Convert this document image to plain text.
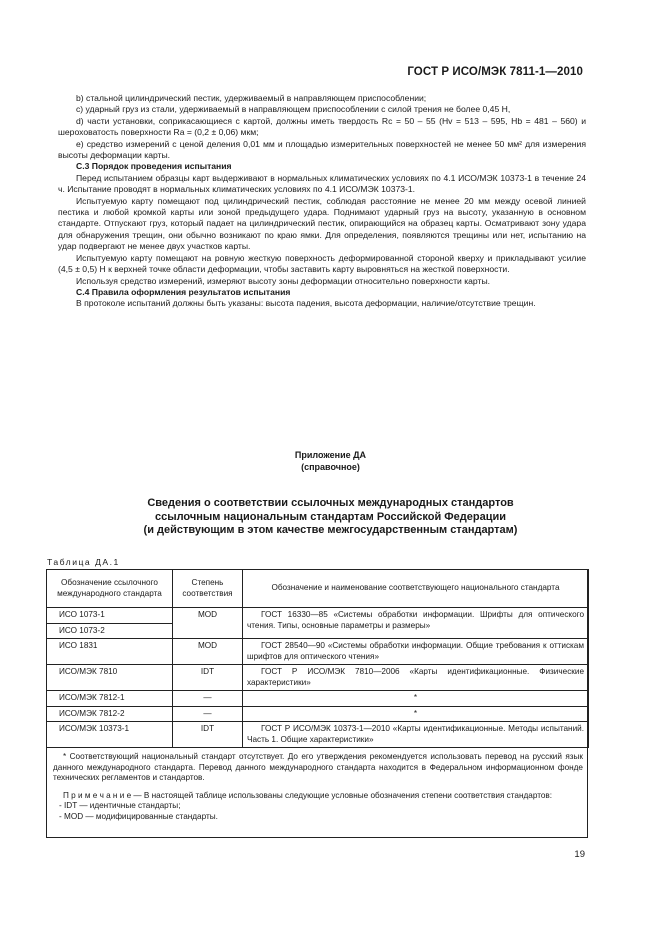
ГОСТ Р ИСО/МЭК 7811-1—2010

b) стальной цилиндрический пестик, удерживаемый в направляющем приспособлении;

c) ударный груз из стали, удерживаемый в направляющем приспособлении с силой трения не более 0,45 Н,

d) части установки, соприкасающиеся с картой, должны иметь твердость Rc = 50 – 55 (Hv = 513 – 595, Hb = 481 – 560) и шероховатость поверхности Ra = (0,2 ± 0,06) мкм;

e) средство измерений с ценой деления 0,01 мм и площадью измерительных поверхностей не менее 50 мм² для измерения высоты деформации карты.

С.3 Порядок проведения испытания

Перед испытанием образцы карт выдерживают в нормальных климатических условиях по 4.1 ИСО/МЭК 10373-1 в течение 24 ч. Испытание проводят в нормальных климатических условиях по 4.1 ИСО/МЭК 10373-1.

Испытуемую карту помещают под цилиндрический пестик, соблюдая расстояние не менее 20 мм между осевой линией пестика и любой кромкой карты или зоной предыдущего удара. Поднимают ударный груз на высоту, указанную в основном стандарте. Отпускают груз, который падает на цилиндрический пестик, опирающийся на образец карты. Осматривают зону удара для обнаружения трещин, они обычно возникают по краю ямки. Для определения, появляются трещины или нет, испытанию на удар подвергают не менее двух участков карты.

Испытуемую карту помещают на ровную жесткую поверхность деформированной стороной кверху и прикладывают усилие (4,5 ± 0,5) Н к верхней точке области деформации, чтобы заставить карту выровняться на жесткой поверхности.

Используя средство измерений, измеряют высоту зоны деформации относительно поверхности карты.

С.4 Правила оформления результатов испытания

В протоколе испытаний должны быть указаны: высота падения, высота деформации, наличие/отсутствие трещин.

Приложение ДА
(справочное)
Сведения о соответствии ссылочных международных стандартов
ссылочным национальным стандартам Российской Федерации
(и действующим в этом качестве межгосударственным стандартам)
Таблица ДА.1
Обозначение ссылочного международного стандарта	Степень соответствия	Обозначение и наименование соответствующего национального стандарта
ИСО 1073-1	MOD	ГОСТ 16330—85 «Системы обработки информации. Шрифты для оптического чтения. Типы, основные параметры и размеры»
ИСО 1073-2		
ИСО 1831	MOD	ГОСТ 28540—90 «Системы обработки информации. Общие требования к оттискам шрифтов для оптического чтения»
ИСО/МЭК 7810	IDT	ГОСТ Р ИСО/МЭК 7810—2006 «Карты идентификационные. Физические характеристики»
ИСО/МЭК 7812-1	—	*
ИСО/МЭК 7812-2	—	*
ИСО/МЭК 10373-1	IDT	ГОСТ Р ИСО/МЭК 10373-1—2010 «Карты идентификационные. Методы испытаний. Часть 1. Общие характеристики»

* Соответствующий национальный стандарт отсутствует. До его утверждения рекомендуется использовать перевод на русский язык данного международного стандарта. Перевод данного международного стандарта находится в Федеральном информационном фонде технических регламентов и стандартов.

П р и м е ч а н и е — В настоящей таблице использованы следующие условные обозначения степени соответствия стандартов:

- IDT — идентичные стандарты;

- MOD — модифицированные стандарты.

19
